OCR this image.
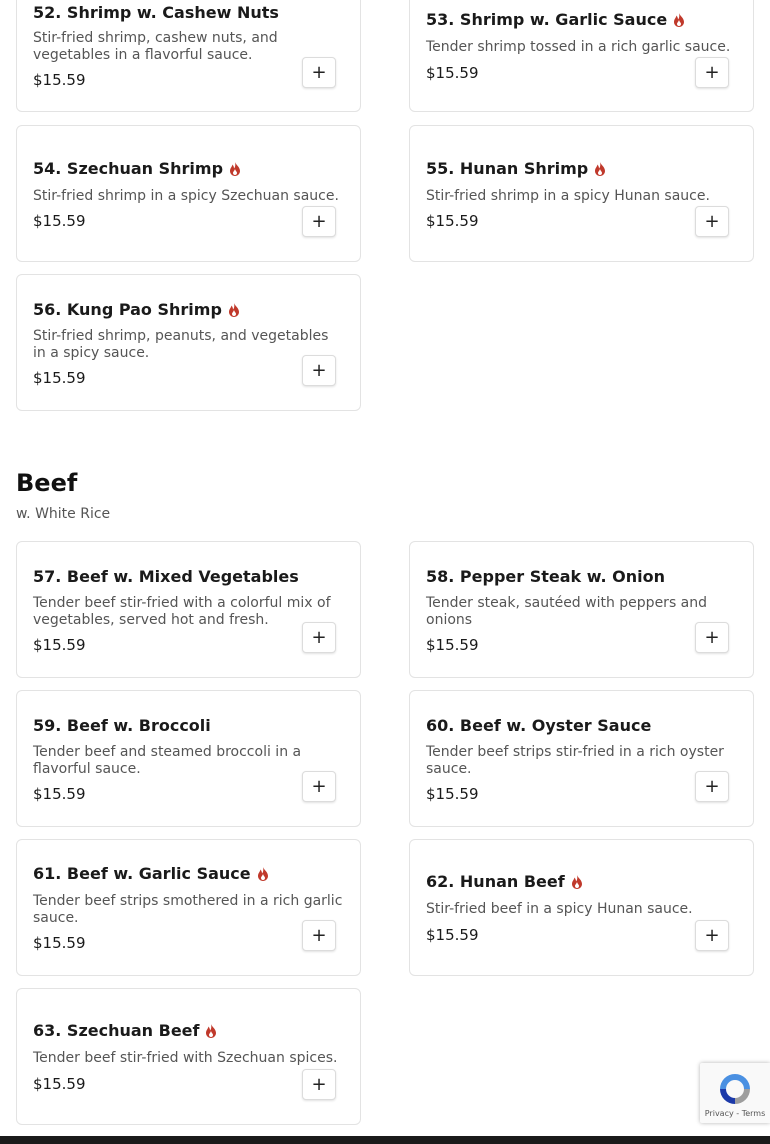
52. Shrimp w. Cashew Nuts
Stir-fried shrimp, cashew nuts, and vegetables in a flavorful sauce.
$15.59	+
53. Shrimp w. Garlic Sauce
Tender shrimp tossed in a rich garlic sauce.
$15.59	+
54. Szechuan Shrimp
Stir-fried shrimp in a spicy Szechuan sauce.
$15.59	+
55. Hunan Shrimp
Stir-fried shrimp in a spicy Hunan sauce.
$15.59	+
56. Kung Pao Shrimp
Stir-fried shrimp, peanuts, and vegetables in a spicy sauce.
$15.59	+
Beef
w. White Rice
57. Beef w. Mixed Vegetables
Tender beef stir-fried with a colorful mix of vegetables, served hot and fresh.
$15.59	+
58. Pepper Steak w. Onion
Tender steak, sautéed with peppers and onions
$15.59	+
59. Beef w. Broccoli
Tender beef and steamed broccoli in a flavorful sauce.
$15.59	+
60. Beef w. Oyster Sauce
Tender beef strips stir-fried in a rich oyster sauce.
$15.59	+
61. Beef w. Garlic Sauce
Tender beef strips smothered in a rich garlic sauce.
$15.59	+
62. Hunan Beef
Stir-fried beef in a spicy Hunan sauce.
$15.59	+
63. Szechuan Beef
Tender beef stir-fried with Szechuan spices.
$15.59	+
Privacy - Terms
